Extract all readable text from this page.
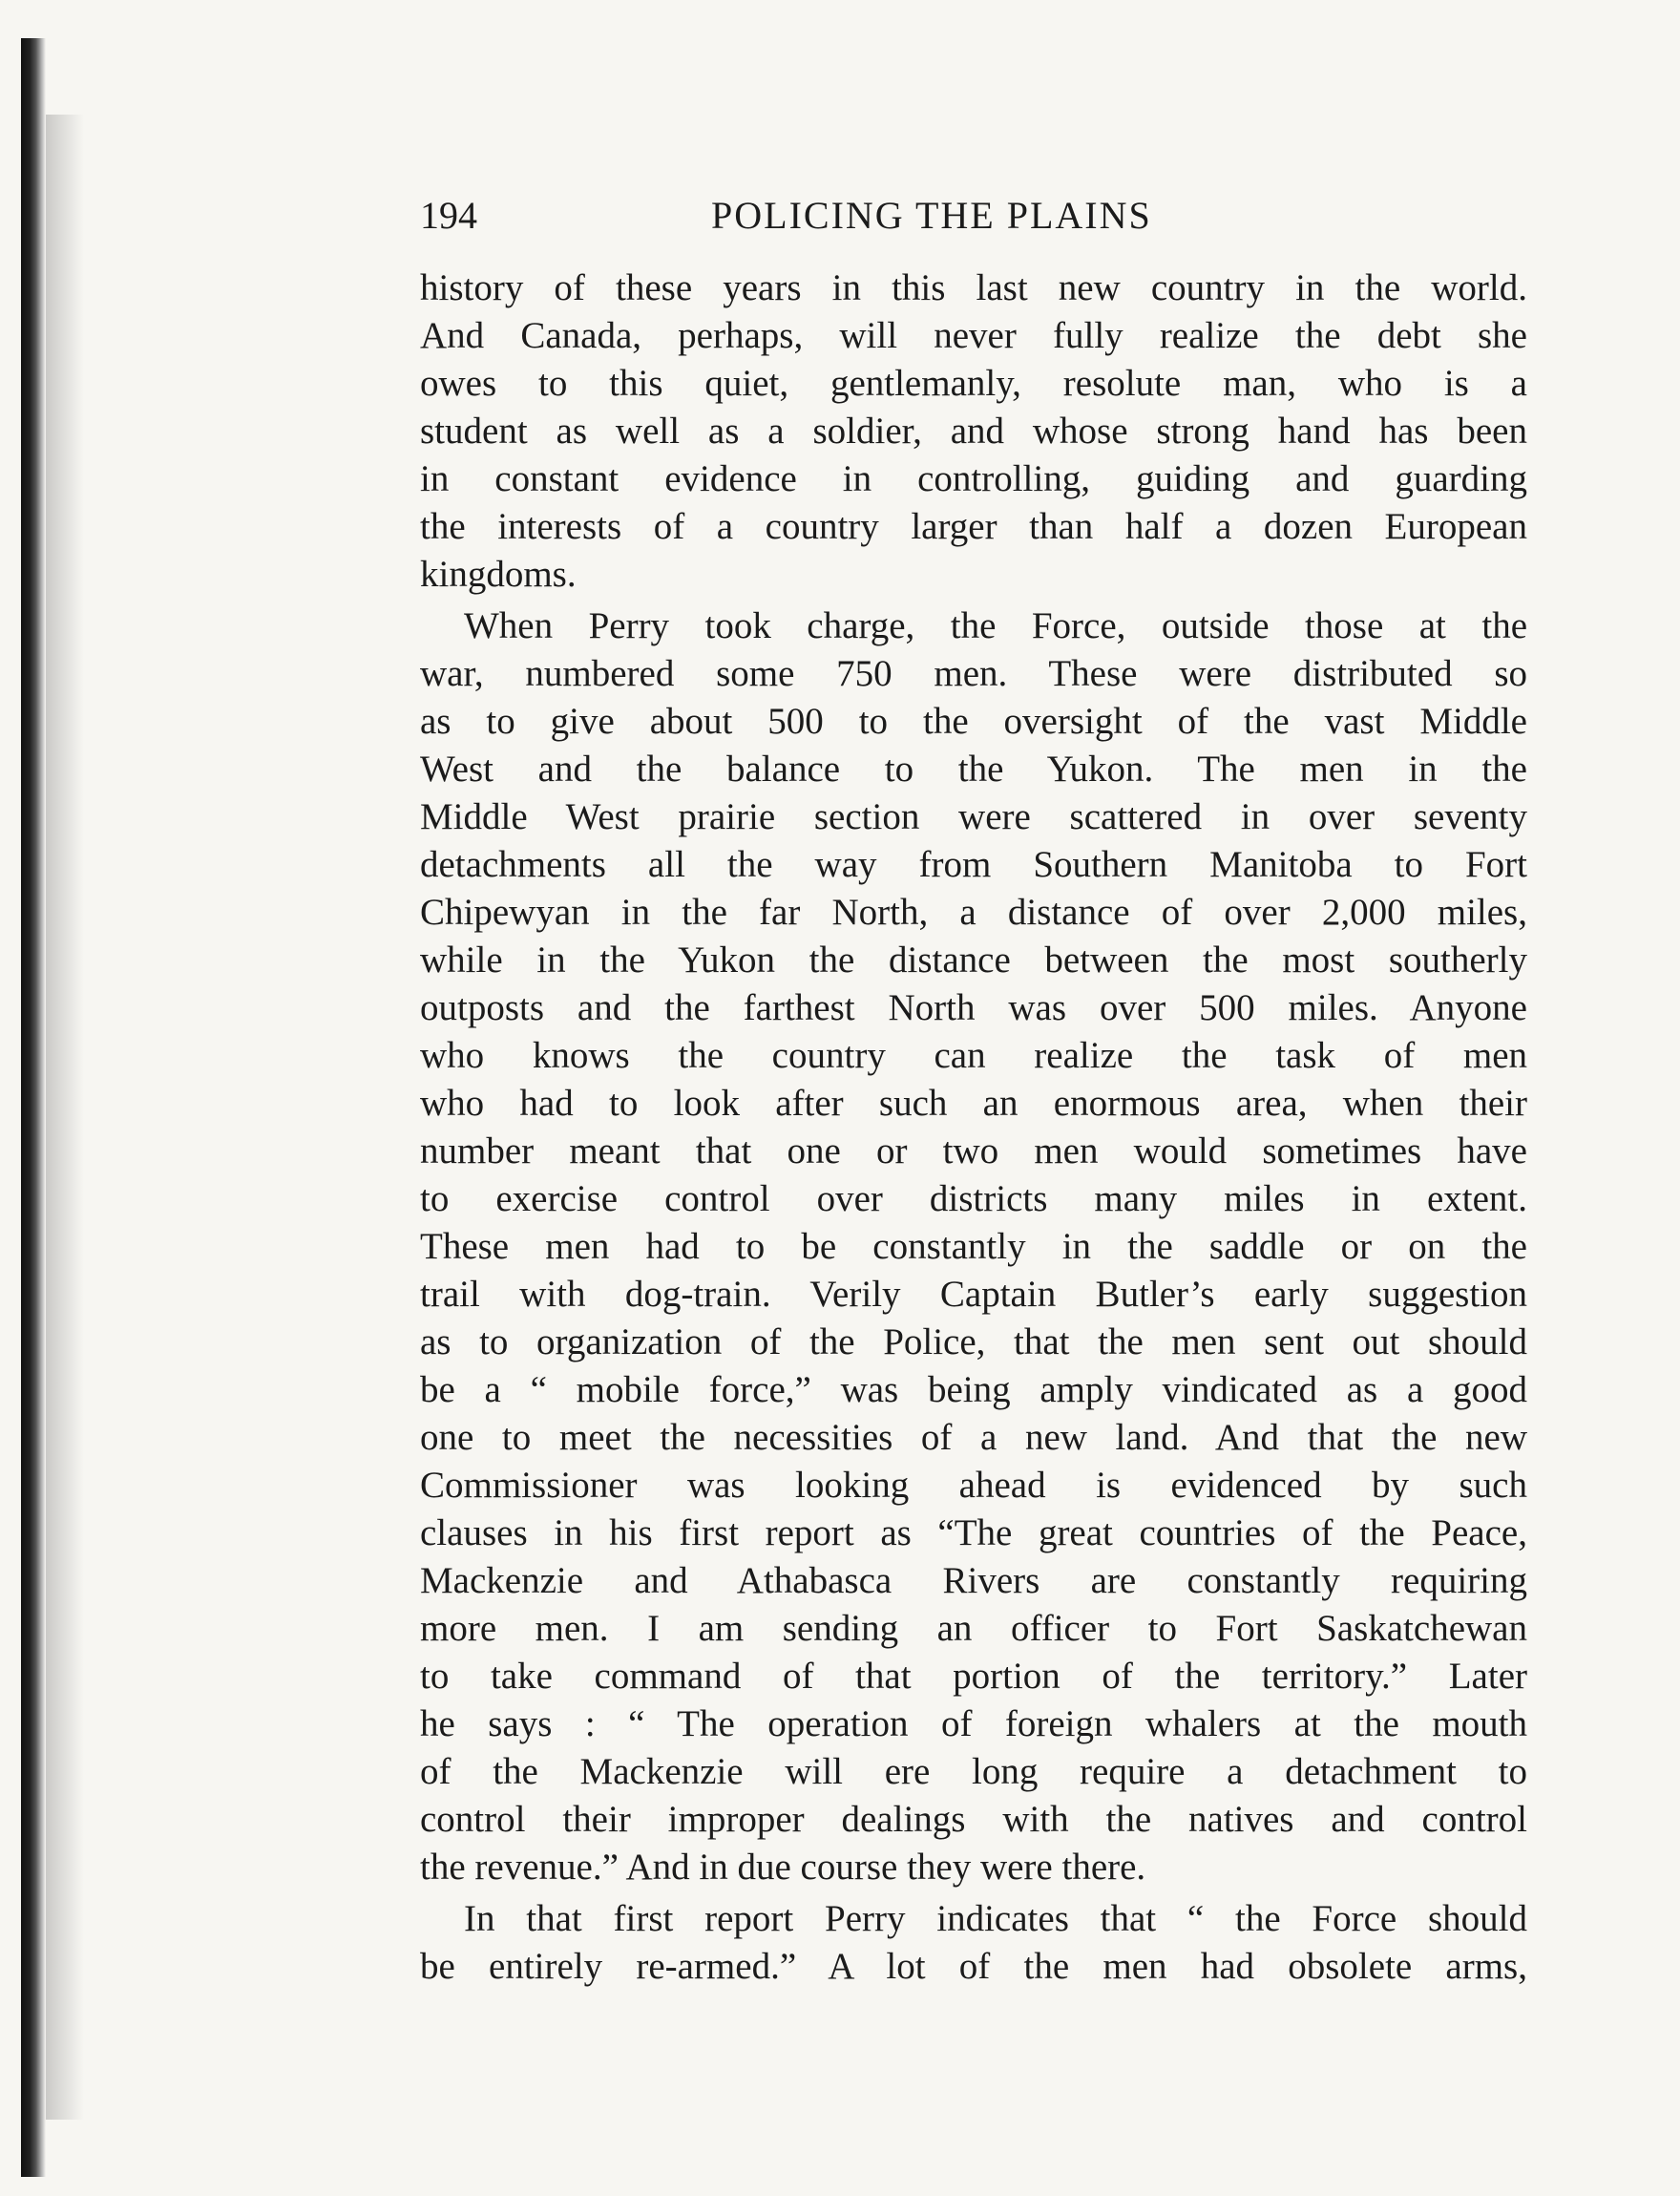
194	POLICING THE PLAINS

history of these years in this last new country in the world.
And Canada, perhaps, will never fully realize the debt she
owes to this quiet, gentlemanly, resolute man, who is a
student as well as a soldier, and whose strong hand has been
in constant evidence in controlling, guiding and guarding
the interests of a country larger than half a dozen European
kingdoms.

When Perry took charge, the Force, outside those at the
war, numbered some 750 men. These were distributed so
as to give about 500 to the oversight of the vast Middle
West and the balance to the Yukon. The men in the
Middle West prairie section were scattered in over seventy
detachments all the way from Southern Manitoba to Fort
Chipewyan in the far North, a distance of over 2,000 miles,
while in the Yukon the distance between the most southerly
outposts and the farthest North was over 500 miles. Anyone
who knows the country can realize the task of men
who had to look after such an enormous area, when their
number meant that one or two men would sometimes have
to exercise control over districts many miles in extent.
These men had to be constantly in the saddle or on the
trail with dog-train. Verily Captain Butler’s early suggestion
as to organization of the Police, that the men sent out should
be a “ mobile force,” was being amply vindicated as a good
one to meet the necessities of a new land. And that the new
Commissioner was looking ahead is evidenced by such
clauses in his first report as “The great countries of the Peace,
Mackenzie and Athabasca Rivers are constantly requiring
more men. I am sending an officer to Fort Saskatchewan
to take command of that portion of the territory.” Later
he says : “ The operation of foreign whalers at the mouth
of the Mackenzie will ere long require a detachment to
control their improper dealings with the natives and control
the revenue.” And in due course they were there.

In that first report Perry indicates that “ the Force should
be entirely re-armed.” A lot of the men had obsolete arms,
